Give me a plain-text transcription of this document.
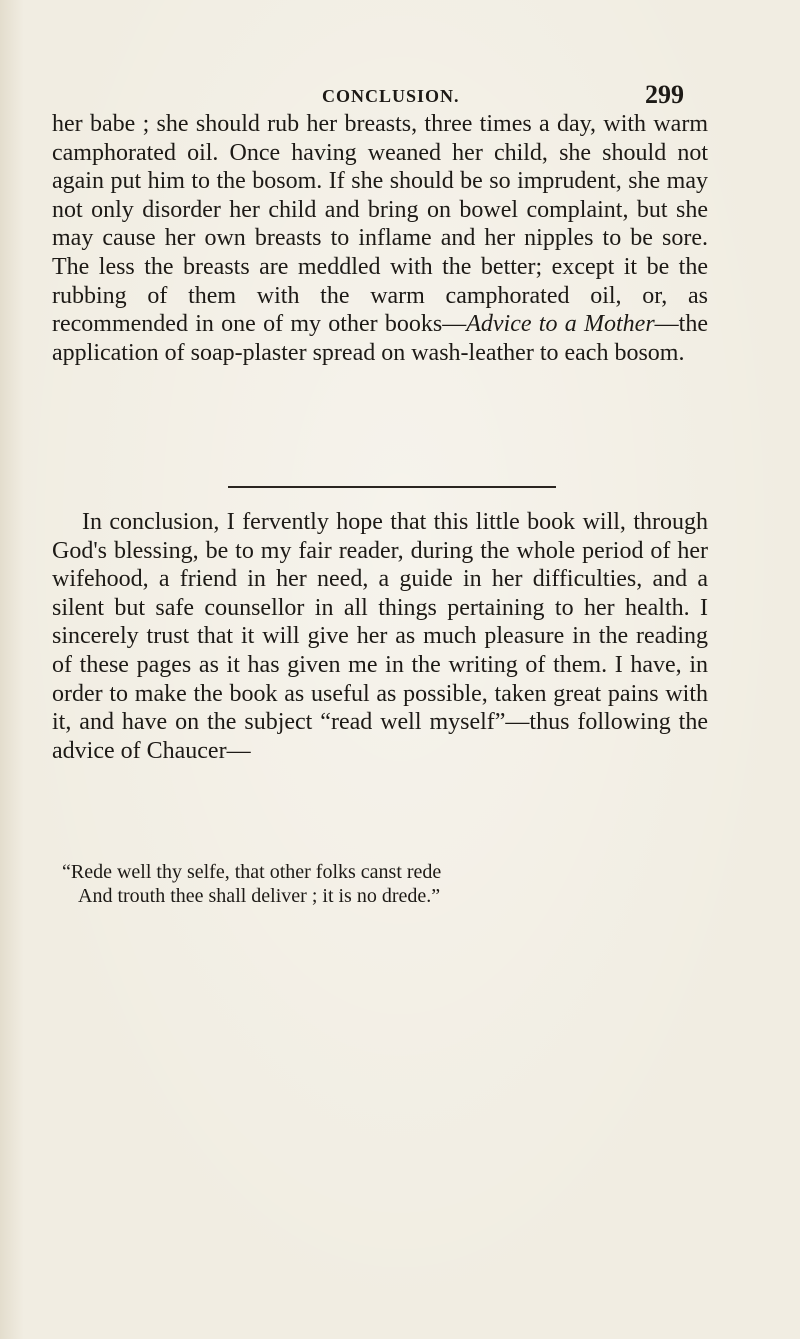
CONCLUSION.	299

her babe ; she should rub her breasts, three times a day, with warm camphorated oil. Once having weaned her child, she should not again put him to the bosom. If she should be so imprudent, she may not only disorder her child and bring on bowel complaint, but she may cause her own breasts to inflame and her nipples to be sore. The less the breasts are meddled with the better; except it be the rubbing of them with the warm camphorated oil, or, as recommended in one of my other books—Advice to a Mother—the application of soap-plaster spread on wash-leather to each bosom.

In conclusion, I fervently hope that this little book will, through God's blessing, be to my fair reader, during the whole period of her wifehood, a friend in her need, a guide in her difficulties, and a silent but safe counsellor in all things pertaining to her health. I sincerely trust that it will give her as much pleasure in the reading of these pages as it has given me in the writing of them. I have, in order to make the book as useful as possible, taken great pains with it, and have on the subject “read well myself”—thus following the advice of Chaucer—

“Rede well thy selfe, that other folks canst rede
And trouth thee shall deliver ; it is no drede.”
